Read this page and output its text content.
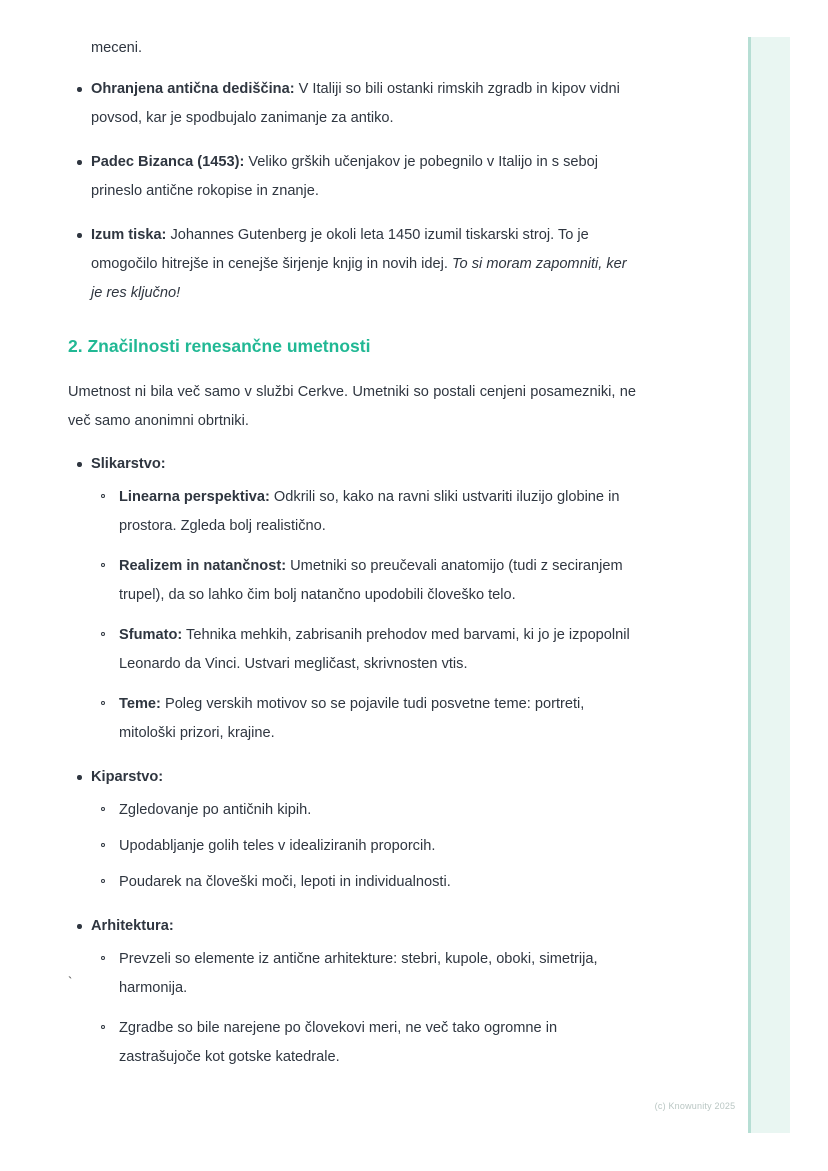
meceni.

Ohranjena antična dediščina: V Italiji so bili ostanki rimskih zgradb in kipov vidni povsod, kar je spodbujalo zanimanje za antiko.
Padec Bizanca (1453): Veliko grških učenjakov je pobegnilo v Italijo in s seboj prineslo antične rokopise in znanje.
Izum tiska: Johannes Gutenberg je okoli leta 1450 izumil tiskarski stroj. To je omogočilo hitrejše in cenejše širjenje knjig in novih idej. To si moram zapomniti, ker je res ključno!
2. Značilnosti renesančne umetnosti

Umetnost ni bila več samo v službi Cerkve. Umetniki so postali cenjeni posamezniki, ne več samo anonimni obrtniki.

Slikarstvo:
Linearna perspektiva: Odkrili so, kako na ravni sliki ustvariti iluzijo globine in prostora. Zgleda bolj realistično.
Realizem in natančnost: Umetniki so preučevali anatomijo (tudi z seciranjem trupel), da so lahko čim bolj natančno upodobili človeško telo.
Sfumato: Tehnika mehkih, zabrisanih prehodov med barvami, ki jo je izpopolnil Leonardo da Vinci. Ustvari megličast, skrivnosten vtis.
Teme: Poleg verskih motivov so se pojavile tudi posvetne teme: portreti, mitološki prizori, krajine.
Kiparstvo:
Zgledovanje po antičnih kipih.
Upodabljanje golih teles v idealiziranih proporcih.
Poudarek na človeški moči, lepoti in individualnosti.
Arhitektura:
Prevzeli so elemente iz antične arhitekture: stebri, kupole, oboki, simetrija, harmonija.
Zgradbe so bile narejene po človekovi meri, ne več tako ogromne in zastrašujoče kot gotske katedrale.
`
(c) Knowunity 2025
